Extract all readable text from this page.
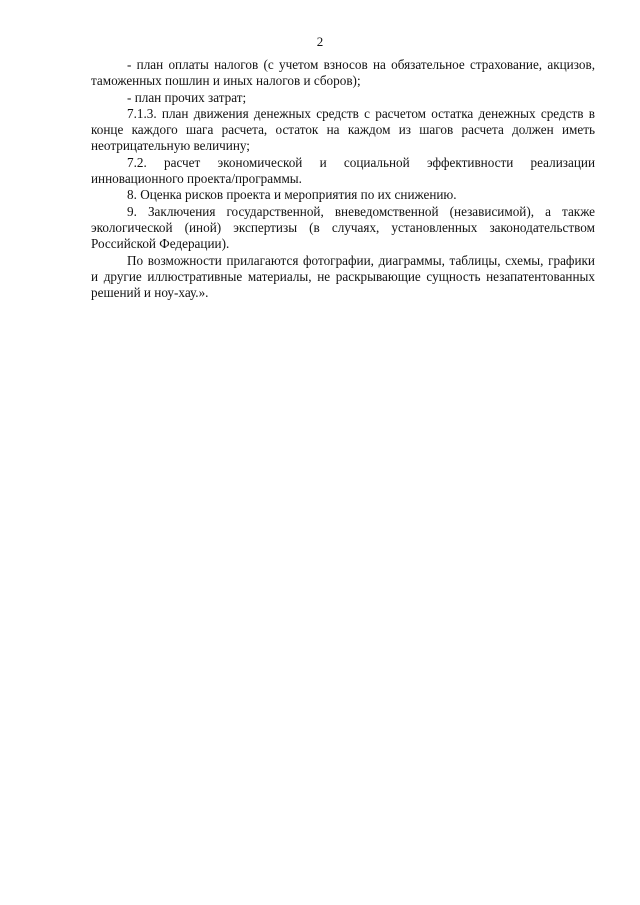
2

- план оплаты налогов (с учетом взносов на обязательное страхование, акцизов, таможенных пошлин и иных налогов и сборов);

- план прочих затрат;

7.1.3. план движения денежных средств с расчетом остатка денежных средств в конце каждого шага расчета, остаток на каждом из шагов расчета должен иметь неотрицательную величину;

7.2. расчет экономической и социальной эффективности реализации инновационного проекта/программы.

8. Оценка рисков проекта и мероприятия по их снижению.

9. Заключения государственной, вневедомственной (независимой), а также экологической (иной) экспертизы (в случаях, установленных законодательством Российской Федерации).

По возможности прилагаются фотографии, диаграммы, таблицы, схемы, графики и другие иллюстративные материалы, не раскрывающие сущность незапатентованных решений и ноу-хау.».
